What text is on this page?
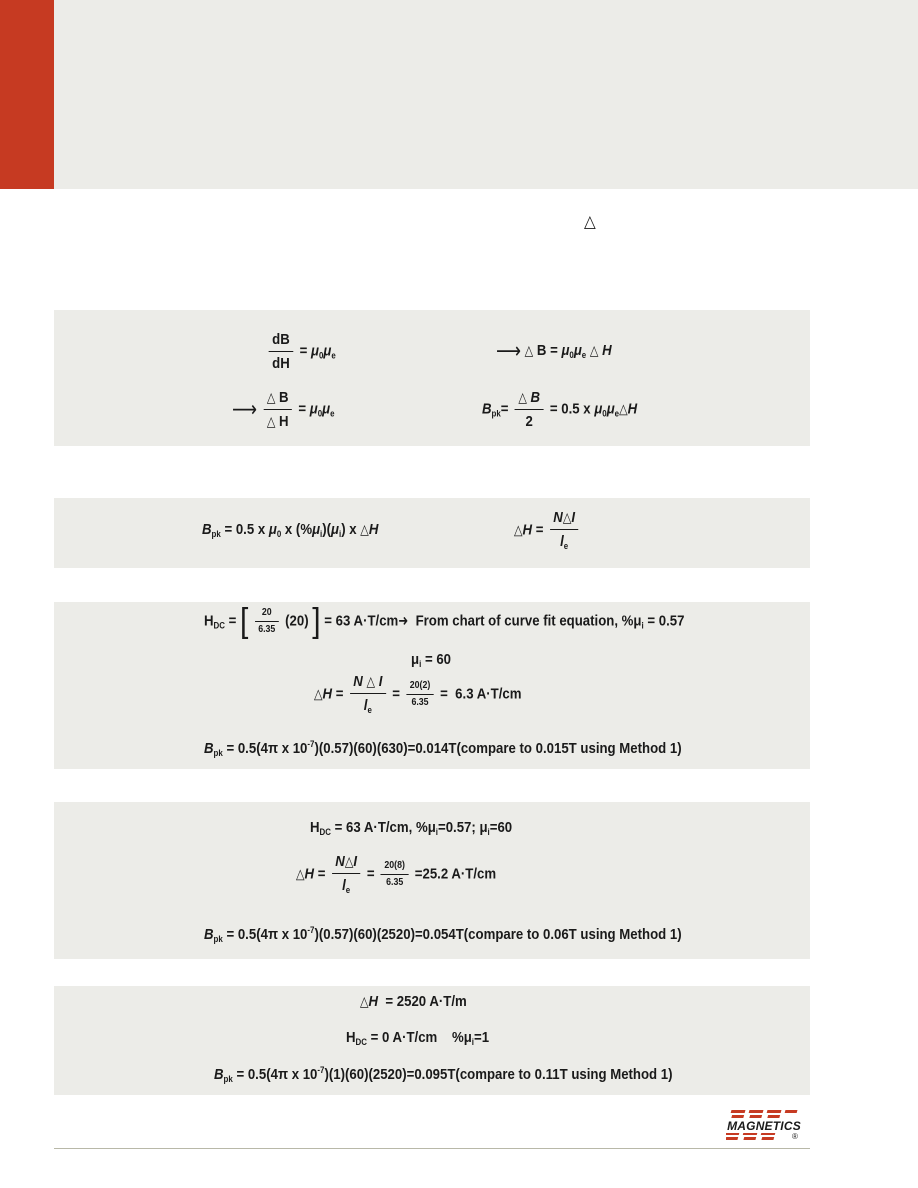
△
$\frac{dB}{dH} = \mu_0\mu_e$	⟶ △ $B = \mu_0\mu_e$ △ H
⟶ $\frac{\triangle B}{\triangle H} = \mu_0\mu_e$	$B_{pk}= \frac{\triangle B}{2} = 0.5$ x $\mu_0\mu_e\triangle H$
$B_{pk} = 0.5$ x $\mu_0$ x $(\%\mu_i)(\mu_i)$ x △H	△H = $\frac{N\triangle I}{l_e}$
$H_{DC}$ = [ $\frac{20}{6.35} (20)$ ] = 63 A·T/cm➜ From chart of curve fit equation, $\%\mu_i = 0.57$
$\mu_i = 60$
△H = $\frac{N \triangle I}{l_e} = \frac{20(2)}{6.35} = 6.3$ A·T/cm
$B_{pk} = 0.5(4\pi$ x $10^{-7})(0.57)(60)(630)=0.014T(compare$ to 0.015T using Method 1)
$H_{DC} = 63$ A·T/cm, $\%\mu_i=0.57$; $\mu_i=60$
△H = $\frac{N\triangle I}{l_e} = \frac{20(8)}{6.35} =25.2$ A·T/cm
$B_{pk} = 0.5(4\pi$ x $10^{-7})(0.57)(60)(2520)=0.054T(compare$ to 0.06T using Method 1)
△H = 2520 A·T/m
$H_{DC} = 0$ A·T/cm $\%\mu_i=1$
$B_{pk} = 0.5(4\pi$ x $10^{-7})(1)(60)(2520)=0.095T(compare$ to 0.11T using Method 1)
MAGNETICS
®
